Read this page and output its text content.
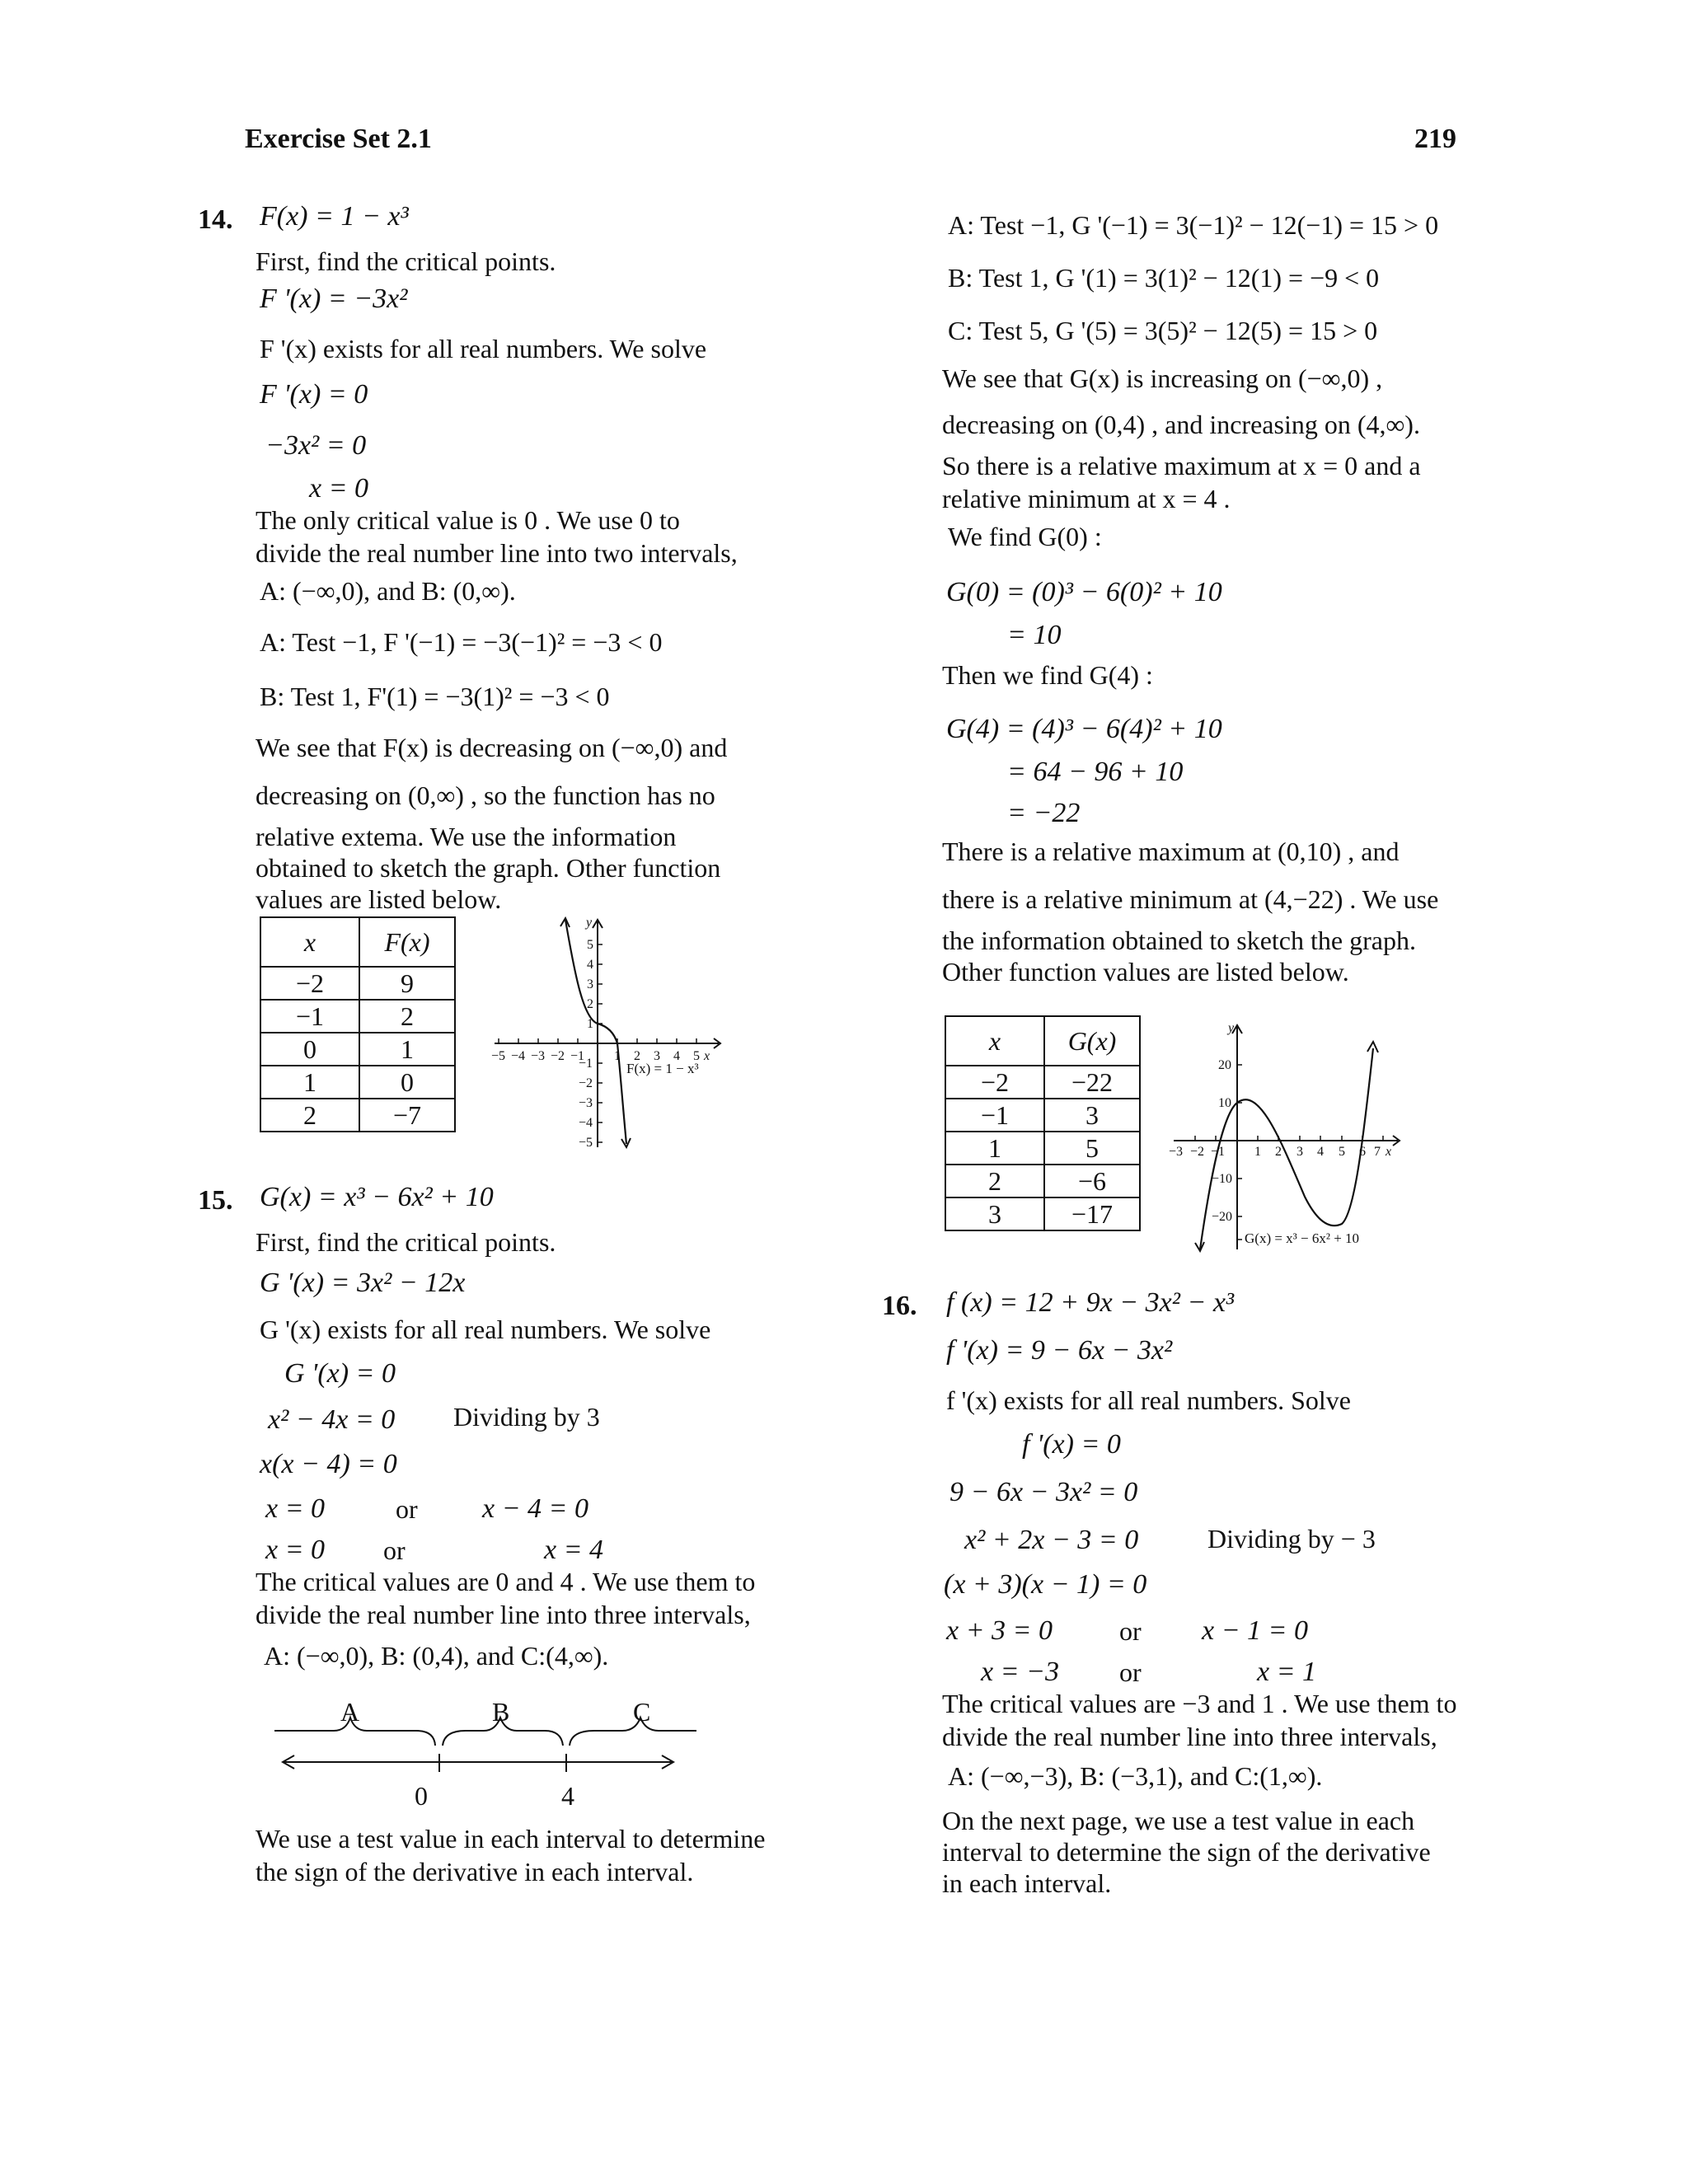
Exercise Set 2.1	219
14. F(x) = 1 − x³
First, find the critical points.
F '(x) = −3x²
F '(x) exists for all real numbers. We solve
F '(x) = 0
−3x² = 0
x = 0
The only critical value is 0 . We use 0 to
divide the real number line into two intervals,
A: (−∞,0), and B: (0,∞).
A: Test −1, F '(−1) = −3(−1)² = −3 < 0
B: Test 1, F'(1) = −3(1)² = −3 < 0
We see that F(x) is decreasing on (−∞,0) and
decreasing on (0,∞) , so the function has no
relative extema. We use the information
obtained to sketch the graph. Other function
values are listed below.
x	F(x)
−2	9
−1	2
0	1
1	0
2	−7
y
x
−5 −4 −3 −2 −1 1 2 3 4 5
5
4
3
2
1
−1
−2
−3
−4
−5
F(x) = 1 − x³
15. G(x) = x³ − 6x² + 10
First, find the critical points.
G '(x) = 3x² − 12x
G '(x) exists for all real numbers. We solve
G '(x) = 0
x² − 4x = 0 Dividing by 3
x(x − 4) = 0
x = 0	or x − 4 = 0
x = 0 or	x = 4
The critical values are 0 and 4 . We use them to
divide the real number line into three intervals,
A: (−∞,0), B: (0,4), and C:(4,∞).
A	B	C
0	4
We use a test value in each interval to determine
the sign of the derivative in each interval.
A: Test −1, G '(−1) = 3(−1)² − 12(−1) = 15 > 0
B: Test 1, G '(1) = 3(1)² − 12(1) = −9 < 0
C: Test 5, G '(5) = 3(5)² − 12(5) = 15 > 0
We see that G(x) is increasing on (−∞,0) ,
decreasing on (0,4) , and increasing on (4,∞).
So there is a relative maximum at x = 0 and a
relative minimum at x = 4 .
We find G(0) :
G(0) = (0)³ − 6(0)² + 10
= 10
Then we find G(4) :
G(4) = (4)³ − 6(4)² + 10
= 64 − 96 + 10
= −22
There is a relative maximum at (0,10) , and
there is a relative minimum at (4,−22) . We use
the information obtained to sketch the graph.
Other function values are listed below.
x	G(x)
−2	−22
−1	3
1	5
2	−6
3	−17
y
x
−3 −2 −1 1 2 3 4 5 6 7
20
10
−10
−20
G(x) = x³ − 6x² + 10
16. f (x) = 12 + 9x − 3x² − x³
f '(x) = 9 − 6x − 3x²
f '(x) exists for all real numbers. Solve
f '(x) = 0
9 − 6x − 3x² = 0
x² + 2x − 3 = 0	Dividing by − 3
(x + 3)(x − 1) = 0
x + 3 = 0	or x − 1 = 0
x = −3 or	x = 1
The critical values are −3 and 1 . We use them to
divide the real number line into three intervals,
A: (−∞,−3), B: (−3,1), and C:(1,∞).
On the next page, we use a test value in each
interval to determine the sign of the derivative
in each interval.
